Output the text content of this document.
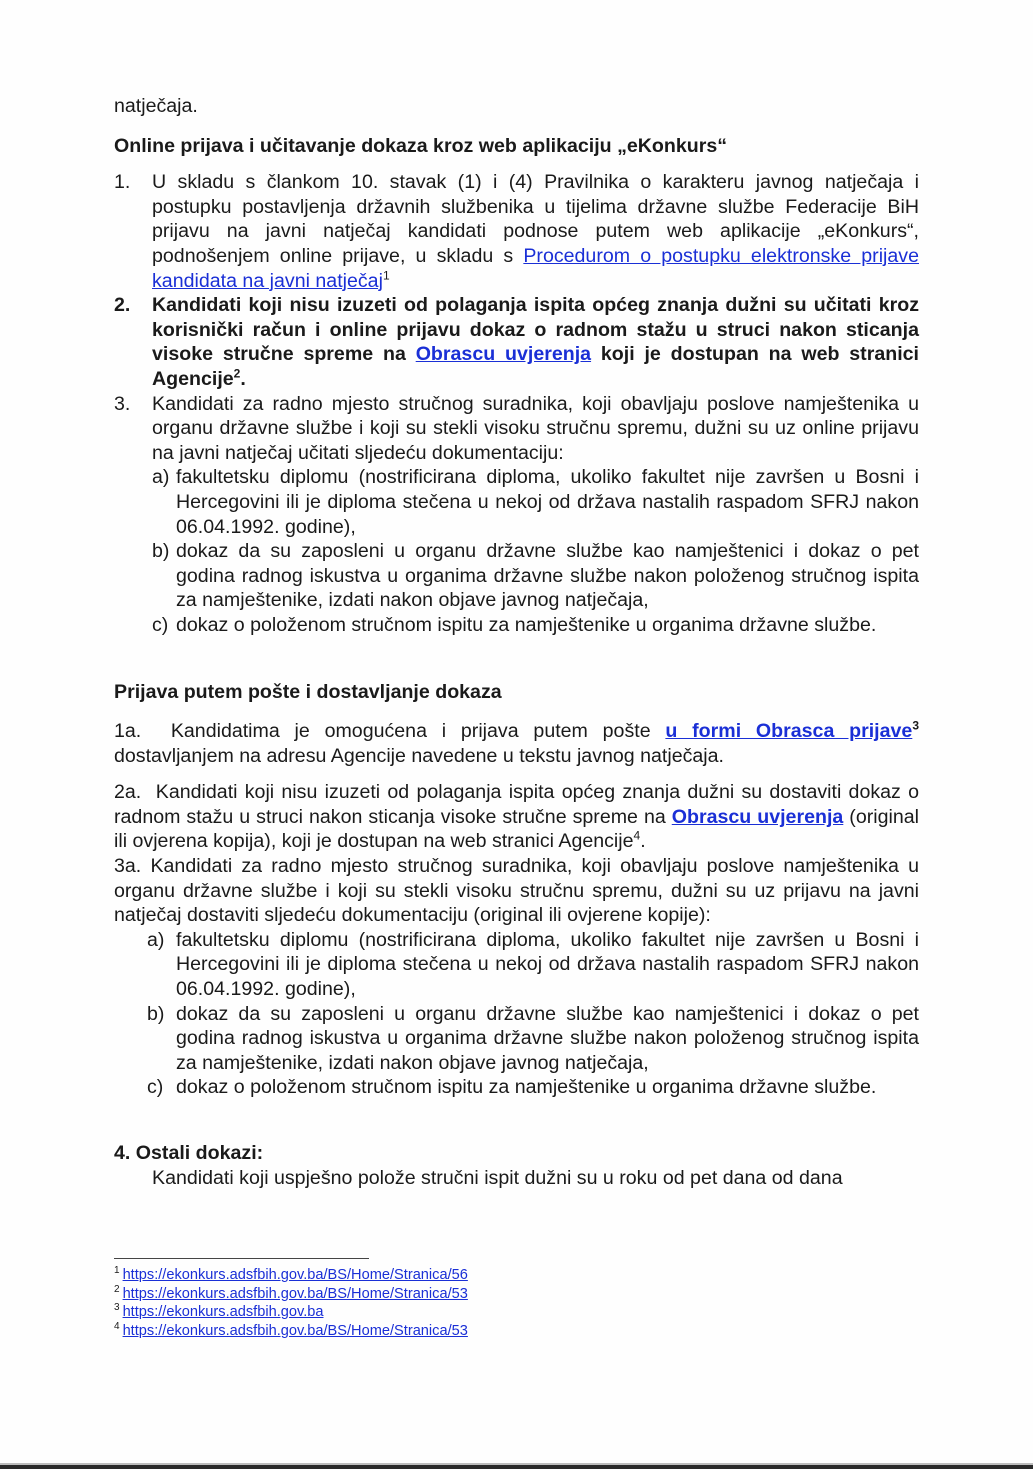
natječaja.

Online prijava i učitavanje dokaza kroz web aplikaciju „eKonkurs“

1. U skladu s člankom 10. stavak (1) i (4) Pravilnika o karakteru javnog natječaja i postupku postavljenja državnih službenika u tijelima državne službe Federacije BiH prijavu na javni natječaj kandidati podnose putem web aplikacije „eKonkurs“, podnošenjem online prijave, u skladu s Procedurom o postupku elektronske prijave kandidata na javni natječaj$^1$
2. Kandidati koji nisu izuzeti od polaganja ispita općeg znanja dužni su učitati kroz korisnički račun i online prijavu dokaz o radnom stažu u struci nakon sticanja visoke stručne spreme na Obrascu uvjerenja koji je dostupan na web stranici Agencije$^2$.
3. Kandidati za radno mjesto stručnog suradnika, koji obavljaju poslove namještenika u organu državne službe i koji su stekli visoku stručnu spremu, dužni su uz online prijavu na javni natječaj učitati sljedeću dokumentaciju:
a) fakultetsku diplomu (nostrificirana diploma, ukoliko fakultet nije završen u Bosni i Hercegovini ili je diploma stečena u nekoj od država nastalih raspadom SFRJ nakon 06.04.1992. godine),
b) dokaz da su zaposleni u organu državne službe kao namještenici i dokaz o pet godina radnog iskustva u organima državne službe nakon položenog stručnog ispita za namještenike, izdati nakon objave javnog natječaja,
c) dokaz o položenom stručnom ispitu za namještenike u organima državne službe.

Prijava putem pošte i dostavljanje dokaza

1a. Kandidatima je omogućena i prijava putem pošte u formi Obrasca prijave$^3$ dostavljanjem na adresu Agencije navedene u tekstu javnog natječaja.

2a. Kandidati koji nisu izuzeti od polaganja ispita općeg znanja dužni su dostaviti dokaz o radnom stažu u struci nakon sticanja visoke stručne spreme na Obrascu uvjerenja (original ili ovjerena kopija), koji je dostupan na web stranici Agencije$^4$.

3a. Kandidati za radno mjesto stručnog suradnika, koji obavljaju poslove namještenika u organu državne službe i koji su stekli visoku stručnu spremu, dužni su uz prijavu na javni natječaj dostaviti sljedeću dokumentaciju (original ili ovjerene kopije):

a) fakultetsku diplomu (nostrificirana diploma, ukoliko fakultet nije završen u Bosni i Hercegovini ili je diploma stečena u nekoj od država nastalih raspadom SFRJ nakon 06.04.1992. godine),
b) dokaz da su zaposleni u organu državne službe kao namještenici i dokaz o pet godina radnog iskustva u organima državne službe nakon položenog stručnog ispita za namještenike, izdati nakon objave javnog natječaja,
c) dokaz o položenom stručnom ispitu za namještenike u organima državne službe.

4. Ostali dokazi:

Kandidati koji uspješno polože stručni ispit dužni su u roku od pet dana od dana

$^1$ https://ekonkurs.adsfbih.gov.ba/BS/Home/Stranica/56
$^2$ https://ekonkurs.adsfbih.gov.ba/BS/Home/Stranica/53
$^3$ https://ekonkurs.adsfbih.gov.ba
$^4$ https://ekonkurs.adsfbih.gov.ba/BS/Home/Stranica/53
